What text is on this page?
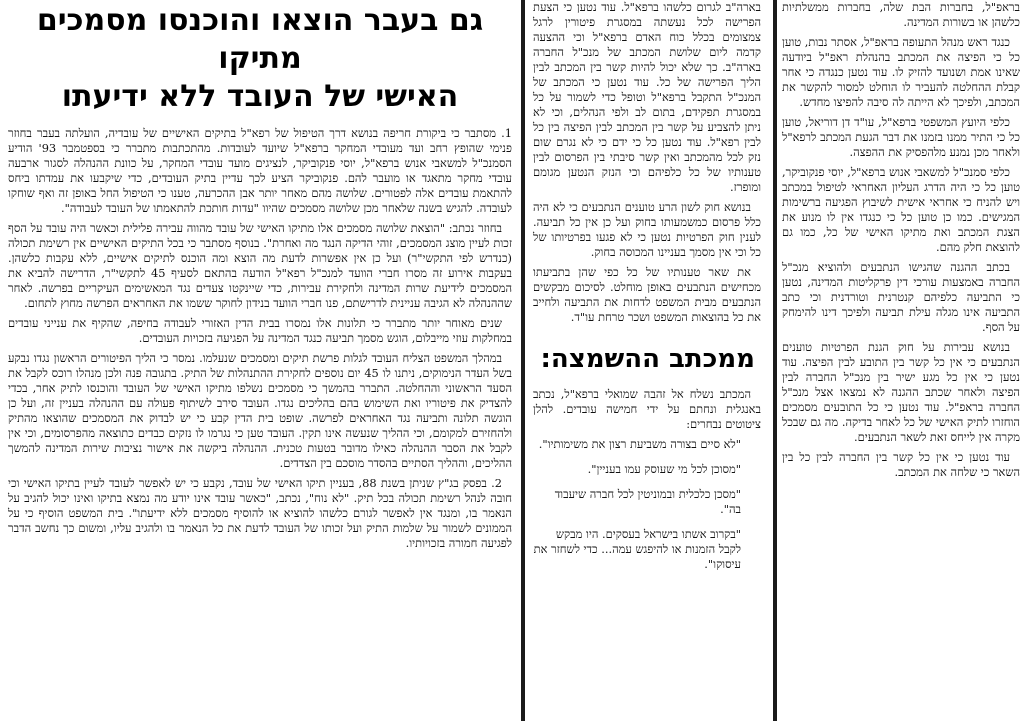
בראפ"ל, בחברות הבת שלה, בחברות ממשלתיות כלשהן או בשורות המדינה.

כנגד ראש מנהל התעופה בראפ"ל, אסתר נבות, טוען כל כי הפיצה את המכתב בהנהלת ראפ"ל ביודעה שאינו אמת ושנועד להזיק לו. עוד נטען כנגדה כי אחר קבלת ההחלטה להעביר לו הוחלט למסור להקשר את המכתב, ולפיכך לא הייתה לה סיבה להפיצו מחדש.

כלפי היועץ המשפטי ברפא"ל, עו"ד דן דוריאל, טוען כל כי התיר ממנו בזמנו את דבר הגעת המכתב לרפא"ל ולאחר מכן נמנע מלהפסיק את ההפצה.

כלפי סמנכ"ל למשאבי אנוש ברפא"ל, יוסי פנקוביקר, טוען כל כי היה הדרג העליון האחראי לטיפול במכתב ויש להניח כי אחראי אישית לשיבוץ הפגיעה ברשימות המגישים. כמו כן טוען כל כי כנגדו אין לו מנוע את הצגת המכתב ואת מתיקו האישי של כל, כמו גם להוצאת חלק מהם.

בכתב ההגנה שהגישו הנתבעים ולהוציא מנכ"ל החברה באמצעות עורכי דין פרקליטות המדינה, נטען כי התביעה כלפיהם קנטרנית וטורדנית וכי כתב התביעה אינו מגלה עילת תביעה ולפיכך דינו להימחק על הסף.

בנושא עבירות על חוק הגנת הפרטיות טוענים הנתבעים כי אין כל קשר בין התובע לבין הפיצה. עוד נטען כי אין כל מגע ישיר בין מנכ"ל החברה לבין הפיצה ולאחר שכתב ההגנה לא נמצאו אצל מנכ"ל החברה בראפ"ל. עוד נטען כי כל התובעים מסמכים הוחזרו לתיק האישי של כל לאחר בדיקה. מה גם שבכל מקרה אין לייחס זאת לשאר הנתבעים.

עוד נטען כי אין כל קשר בין החברה לבין כל בין השאר כי שלחה את המכתב.

בארה"ב לגרום כלשהו ברפא"ל. עוד נטען כי הצעת הפרישה לכל נעשתה במסגרת פיטורין לרגל צמצומים בכלל כוח האדם ברפא"ל וכי ההצעה קדמה ליום שלושת המכתב של מנכ"ל החברה בארה"ב. כך שלא יכול להיות קשר בין המכתב לבין הליך הפרישה של כל. עוד נטען כי המכתב של המנכ"ל התקבל ברפא"ל וטופל כדי לשמור על כל במסגרת תפקידם, בתום לב ולפי הנהלים, וכי לא ניתן להצביע על קשר בין המכתב לבין הפיצה בין כל לבין רפא"ל. עוד נטען כל כי ידם כי לא נגרם שום נזק לכל מהמכתב ואין קשר סיבתי בין הפרסום לבין טענותיו של כל כלפיהם וכי הנזק הנטען מגומם ומופרז.

בנושא חוק לשון הרע טוענים הנתבעים כי לא היה כלל פרסום כמשמעותו בחוק ועל כן אין כל תביעה. לענין חוק הפרטיות נטען כי לא פגעו בפרטיותו של כל וכי אין מסמך בעניינו המכוסה בחוק.

את שאר טענותיו של כל כפי שהן בתביעתו מכחישים הנתבעים באופן מוחלט. לסיכום מבקשים הנתבעים מבית המשפט לדחות את התביעה ולחייב את כל בהוצאות המשפט ושכר טרחת עו"ד.

ממכתב ההשמצה:

המכתב נשלח אל זהבה שמואלי ברפא"ל, נכתב באנגלית ונחתם על ידי חמישה עובדים. להלן ציטוטים נבחרים:

"לא סיים בצורה משביעת רצון את משימותיו".
"מסוכן לכל מי שעוסק עמו בעניין".
"מסכן כלכלית ובמוניטין לכל חברה שיעבוד בה".
"בקרוב אשתו בישראל בעסקים. היו מבקש לקבל הזמנות או להיפגש עמה... כדי לשחזר את עיסוקו".
גם בעבר הוצאו והוכנסו מסמכים מתיקו
האישי של העובד ללא ידיעתו

1. מסתבר כי ביקורת חריפה בנושא דרך הטיפול של רפא"ל בתיקים האישיים של עובדיה, הועלתה בעבר בחוזר פנימי שהופץ רחב ועד מעובדי המחקר ברפא"ל שיועד לעובדות. מהתכתבות מתברר כי בספטמבר 93' הודיע הסמנכ"ל למשאבי אנוש ברפא"ל, יוסי פנקוביקר, לנציגים מועד עובדי המחקר, על כוונת ההנהלה לסגור ארבעה עובדי מחקר מתאגד או מועבר להם. פנקוביקר הציע לכך עדיין בתיק העובדים, כדי שיקבעו את עמדתו ביחס להתאמת עובדים אלה לפטורים. שלושה מהם מאחר יותר אבן ההכרעה, טענו כי הטיפול החל באופן זה ואף שוחקו לעובדה. להגיש בשנה שלאחר מכן שלושה מסמכים שהיוו "עדות חותכת להתאמתו של העובד לעבודה".

בחוזר נכתב: "הוצאת שלושה מסמכים אלו מתיקו האישי של עובד מהווה עבירה פלילית וכאשר היה עובד על הסף זכות לעיין מוצג המסמכים, זוהי הדיקה הנגד מה ואחרת". בנוסף מסתבר כי בכל התיקים האישיים אין רשימת תכולה (כנדרש לפי התקשי"ר) ועל כן אין אפשרות לדעת מה הוצא ומה הוכנס לתיקים אישיים, ללא עקבות כלשהן. בעקבות אירוע זה מסרו חברי הוועד למנכ"ל רפא"ל הודעה בהתאם לסעיף 45 לתקשי"ר, הדרישה להביא את המסמכים לידיעת שרות המדינה ולחקירת עבירות, כדי שיינקטו צעדים נגד המאשימים העיקריים בפרשה. לאחר שההנהלה לא הגיבה עניינית לדרישתם, פנו חברי הוועד בנידון לחוקר ששמו את האחראים הפרשה מחוץ לתחום.

שנים מאוחר יותר מתברר כי תלונות אלו נמסרו בבית הדין האזורי לעבודה בחיפה, שהקיף את ענייני עובדים במחלקות עוזי מייבלום, הוגש מסמך תביעה כנגד המדינה על הפגיעה בזכויות העובדים.

במהלך המשפט הצליח העובד לגלות פרשת תיקים ומסמכים שנעלמו. נמסר כי הליך הפיטורים הראשון נגדו נבקע בשל העדר הנימוקים, ניתנו לו 45 יום נוספים לחקירת ההתנהלות של התיק. בתגובה פנה ולכן מנהלו רוכס לקבל את הסעד הראשוני וההחלטה. התברר בהמשך כי מסמכים נשלפו מתיקו האישי של העובד והוכנסו לתיק אחר, בכדי להצדיק את פיטוריו ואת השימוש בהם בהליכים נגדו. העובד סירב לשיתוף פעולה עם ההנהלה בעניין זה, ועל כן הוגשה תלונה ותביעה נגד האחראים לפרשה. שופט בית הדין קבע כי יש לבדוק את המסמכים שהוצאו מהתיק ולהחזירם למקומם, וכי ההליך שנעשה אינו תקין. העובד טען כי נגרמו לו נזקים כבדים כתוצאה מהפרסומים, וכי אין לקבל את הסבר ההנהלה כאילו מדובר בטעות טכנית. ההנהלה ביקשה את אישור נציבות שירות המדינה להמשך ההליכים, וההליך הסתיים בהסדר מוסכם בין הצדדים.

2. בפסק בג"ץ שניתן בשנת 88, בעניין תיקו האישי של עובד, נקבע כי יש לאפשר לעובד לעיין בתיקו האישי וכי חובה לנהל רשימת תכולה בכל תיק. "לא נוח", נכתב, "כאשר עובד אינו יודע מה נמצא בתיקו ואינו יכול להגיב על הנאמר בו, ומנגד אין לאפשר לגורם כלשהו להוציא או להוסיף מסמכים ללא ידיעתו". בית המשפט הוסיף כי על הממונים לשמור על שלמות התיק ועל זכותו של העובד לדעת את כל הנאמר בו ולהגיב עליו, ומשום כך נחשב הדבר לפגיעה חמורה בזכויותיו.
